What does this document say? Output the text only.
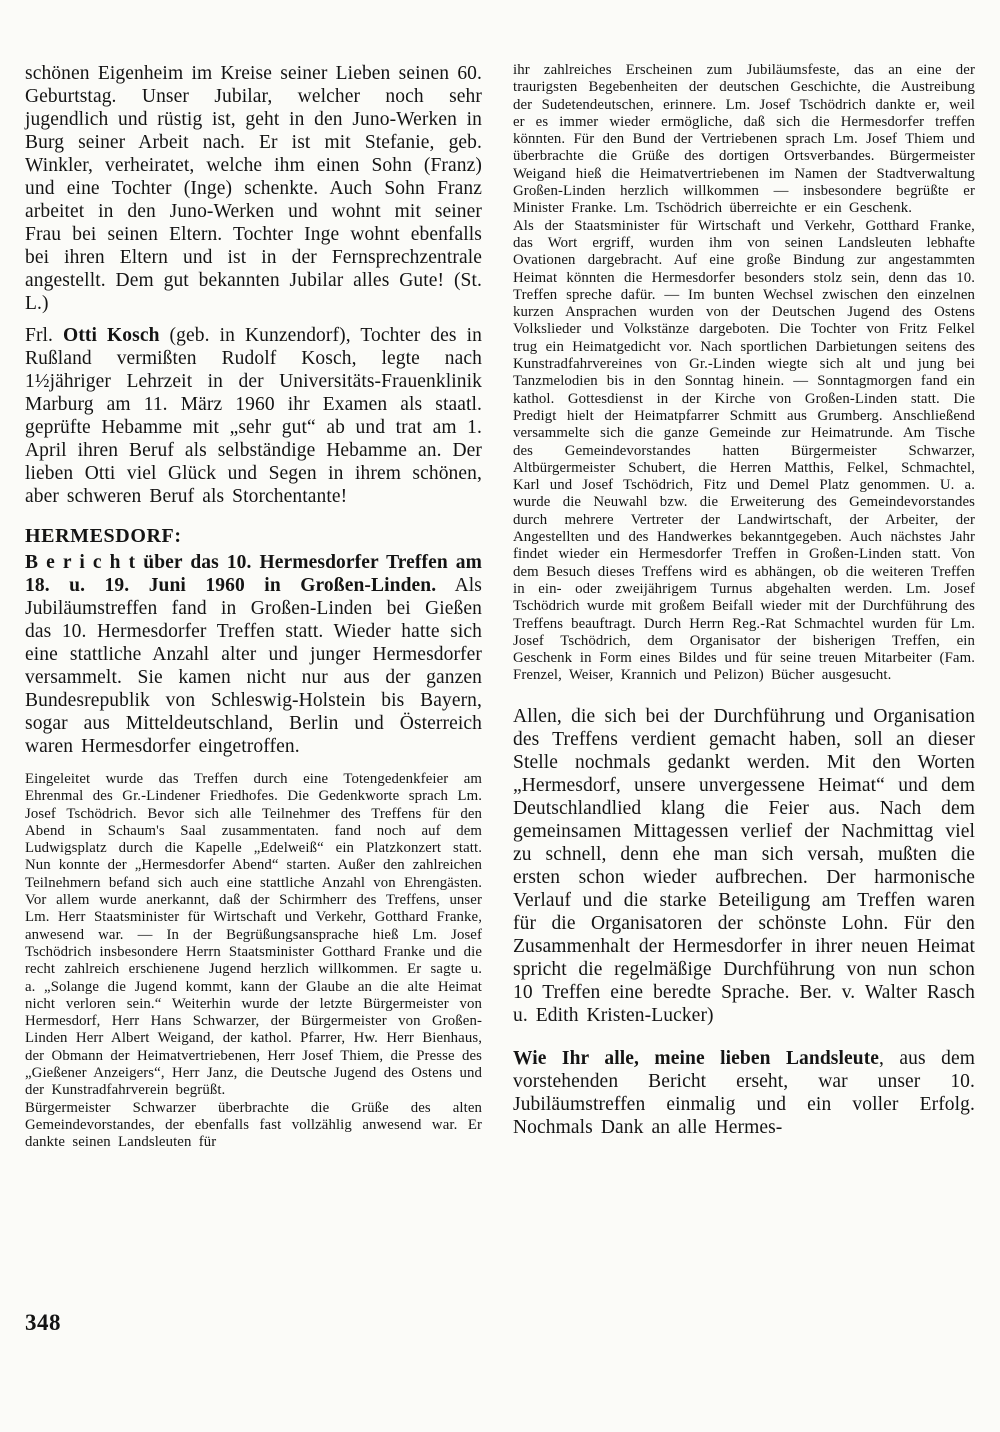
schönen Eigenheim im Kreise seiner Lieben seinen 60. Geburtstag. Unser Jubilar, welcher noch sehr jugendlich und rüstig ist, geht in den Juno-Werken in Burg seiner Arbeit nach. Er ist mit Stefanie, geb. Winkler, verheiratet, welche ihm einen Sohn (Franz) und eine Tochter (Inge) schenkte. Auch Sohn Franz arbeitet in den Juno-Werken und wohnt mit seiner Frau bei seinen Eltern. Tochter Inge wohnt ebenfalls bei ihren Eltern und ist in der Fernsprechzentrale angestellt. Dem gut bekannten Jubilar alles Gute! (St. L.)

Frl. Otti Kosch (geb. in Kunzendorf), Tochter des in Rußland vermißten Rudolf Kosch, legte nach 1½jähriger Lehrzeit in der Universitäts-Frauenklinik Marburg am 11. März 1960 ihr Examen als staatl. geprüfte Hebamme mit „sehr gut“ ab und trat am 1. April ihren Beruf als selbständige Hebamme an. Der lieben Otti viel Glück und Segen in ihrem schönen, aber schweren Beruf als Storchentante!

HERMESDORF:

B e r i c h t über das 10. Hermesdorfer Treffen am 18. u. 19. Juni 1960 in Großen-Linden. Als Jubiläumstreffen fand in Großen-Linden bei Gießen das 10. Hermesdorfer Treffen statt. Wieder hatte sich eine stattliche Anzahl alter und junger Hermesdorfer versammelt. Sie kamen nicht nur aus der ganzen Bundesrepublik von Schleswig-Holstein bis Bayern, sogar aus Mitteldeutschland, Berlin und Österreich waren Hermesdorfer eingetroffen.

Eingeleitet wurde das Treffen durch eine Totengedenkfeier am Ehrenmal des Gr.-Lindener Friedhofes. Die Gedenkworte sprach Lm. Josef Tschödrich. Bevor sich alle Teilnehmer des Treffens für den Abend in Schaum's Saal zusammentaten. fand noch auf dem Ludwigsplatz durch die Kapelle „Edelweiß“ ein Platzkonzert statt. Nun konnte der „Hermesdorfer Abend“ starten. Außer den zahlreichen Teilnehmern befand sich auch eine stattliche Anzahl von Ehrengästen. Vor allem wurde anerkannt, daß der Schirmherr des Treffens, unser Lm. Herr Staatsminister für Wirtschaft und Verkehr, Gotthard Franke, anwesend war. — In der Begrüßungsansprache hieß Lm. Josef Tschödrich insbesondere Herrn Staatsminister Gotthard Franke und die recht zahlreich erschienene Jugend herzlich willkommen. Er sagte u. a. „Solange die Jugend kommt, kann der Glaube an die alte Heimat nicht verloren sein.“ Weiterhin wurde der letzte Bürgermeister von Hermesdorf, Herr Hans Schwarzer, der Bürgermeister von Großen-Linden Herr Albert Weigand, der kathol. Pfarrer, Hw. Herr Bienhaus, der Obmann der Heimatvertriebenen, Herr Josef Thiem, die Presse des „Gießener Anzeigers“, Herr Janz, die Deutsche Jugend des Ostens und der Kunstradfahrverein begrüßt.

Bürgermeister Schwarzer überbrachte die Grüße des alten Gemeindevorstandes, der ebenfalls fast vollzählig anwesend war. Er dankte seinen Landsleuten für

ihr zahlreiches Erscheinen zum Jubiläumsfeste, das an eine der traurigsten Begebenheiten der deutschen Geschichte, die Austreibung der Sudetendeutschen, erinnere. Lm. Josef Tschödrich dankte er, weil er es immer wieder ermögliche, daß sich die Hermesdorfer treffen könnten. Für den Bund der Vertriebenen sprach Lm. Josef Thiem und überbrachte die Grüße des dortigen Ortsverbandes. Bürgermeister Weigand hieß die Heimatvertriebenen im Namen der Stadtverwaltung Großen-Linden herzlich willkommen — insbesondere begrüßte er Minister Franke. Lm. Tschödrich überreichte er ein Geschenk.

Als der Staatsminister für Wirtschaft und Verkehr, Gotthard Franke, das Wort ergriff, wurden ihm von seinen Landsleuten lebhafte Ovationen dargebracht. Auf eine große Bindung zur angestammten Heimat könnten die Hermesdorfer besonders stolz sein, denn das 10. Treffen spreche dafür. — Im bunten Wechsel zwischen den einzelnen kurzen Ansprachen wurden von der Deutschen Jugend des Ostens Volkslieder und Volkstänze dargeboten. Die Tochter von Fritz Felkel trug ein Heimatgedicht vor. Nach sportlichen Darbietungen seitens des Kunstradfahrvereines von Gr.-Linden wiegte sich alt und jung bei Tanzmelodien bis in den Sonntag hinein. — Sonntagmorgen fand ein kathol. Gottesdienst in der Kirche von Großen-Linden statt. Die Predigt hielt der Heimatpfarrer Schmitt aus Grumberg. Anschließend versammelte sich die ganze Gemeinde zur Heimatrunde. Am Tische des Gemeindevorstandes hatten Bürgermeister Schwarzer, Altbürgermeister Schubert, die Herren Matthis, Felkel, Schmachtel, Karl und Josef Tschödrich, Fitz und Demel Platz genommen. U. a. wurde die Neuwahl bzw. die Erweiterung des Gemeindevorstandes durch mehrere Vertreter der Landwirtschaft, der Arbeiter, der Angestellten und des Handwerkes bekanntgegeben. Auch nächstes Jahr findet wieder ein Hermesdorfer Treffen in Großen-Linden statt. Von dem Besuch dieses Treffens wird es abhängen, ob die weiteren Treffen in ein- oder zweijährigem Turnus abgehalten werden. Lm. Josef Tschödrich wurde mit großem Beifall wieder mit der Durchführung des Treffens beauftragt. Durch Herrn Reg.-Rat Schmachtel wurden für Lm. Josef Tschödrich, dem Organisator der bisherigen Treffen, ein Geschenk in Form eines Bildes und für seine treuen Mitarbeiter (Fam. Frenzel, Weiser, Krannich und Pelizon) Bücher ausgesucht.

Allen, die sich bei der Durchführung und Organisation des Treffens verdient gemacht haben, soll an dieser Stelle nochmals gedankt werden. Mit den Worten „Hermesdorf, unsere unvergessene Heimat“ und dem Deutschlandlied klang die Feier aus. Nach dem gemeinsamen Mittagessen verlief der Nachmittag viel zu schnell, denn ehe man sich versah, mußten die ersten schon wieder aufbrechen. Der harmonische Verlauf und die starke Beteiligung am Treffen waren für die Organisatoren der schönste Lohn. Für den Zusammenhalt der Hermesdorfer in ihrer neuen Heimat spricht die regelmäßige Durchführung von nun schon 10 Treffen eine beredte Sprache. Ber. v. Walter Rasch u. Edith Kristen-Lucker)

Wie Ihr alle, meine lieben Landsleute, aus dem vorstehenden Bericht erseht, war unser 10. Jubiläumstreffen einmalig und ein voller Erfolg. Nochmals Dank an alle Hermes-

348
